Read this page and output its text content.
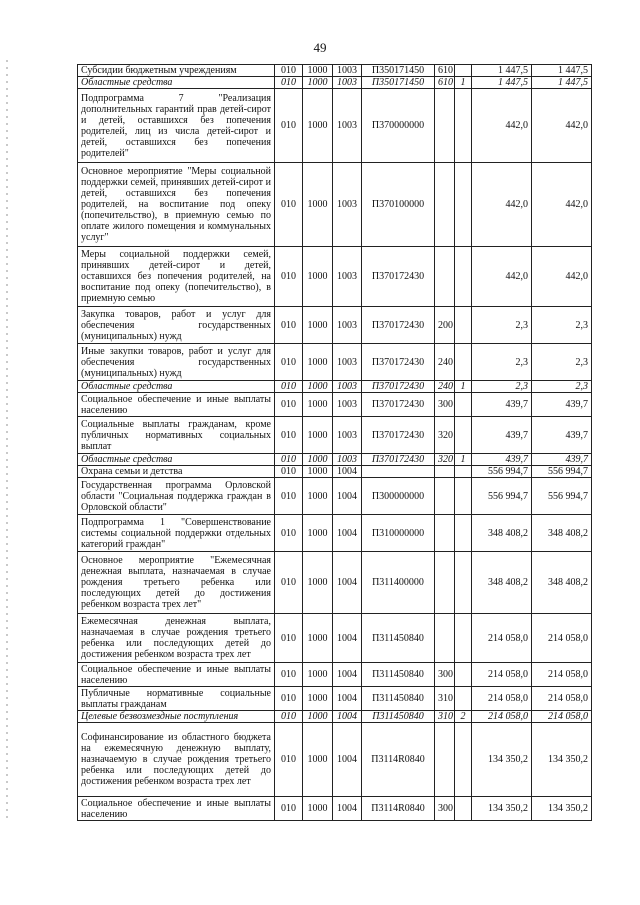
49
Субсидии бюджетным учреждениям	010	1000	1003	П350171450	610		1 447,5	1 447,5
Областные средства	010	1000	1003	П350171450	610	1	1 447,5	1 447,5
Подпрограмма 7 "Реализация дополнительных гарантий прав детей-сирот и детей, оставшихся без попечения родителей, лиц из числа детей-сирот и детей, оставшихся без попечения родителей"	010	1000	1003	П370000000			442,0	442,0
Основное мероприятие "Меры социальной поддержки семей, принявших детей-сирот и детей, оставшихся без попечения родителей, на воспитание под опеку (попечительство), в приемную семью по оплате жилого помещения и коммунальных услуг"	010	1000	1003	П370100000			442,0	442,0
Меры социальной поддержки семей, принявших детей-сирот и детей, оставшихся без попечения родителей, на воспитание под опеку (попечительство), в приемную семью	010	1000	1003	П370172430			442,0	442,0
Закупка товаров, работ и услуг для обеспечения государственных (муниципальных) нужд	010	1000	1003	П370172430	200		2,3	2,3
Иные закупки товаров, работ и услуг для обеспечения государственных (муниципальных) нужд	010	1000	1003	П370172430	240		2,3	2,3
Областные средства	010	1000	1003	П370172430	240	1	2,3	2,3
Социальное обеспечение и иные выплаты населению	010	1000	1003	П370172430	300		439,7	439,7
Социальные выплаты гражданам, кроме публичных нормативных социальных выплат	010	1000	1003	П370172430	320		439,7	439,7
Областные средства	010	1000	1003	П370172430	320	1	439,7	439,7
Охрана семьи и детства	010	1000	1004				556 994,7	556 994,7
Государственная программа Орловской области "Социальная поддержка граждан в Орловской области"	010	1000	1004	П300000000			556 994,7	556 994,7
Подпрограмма 1 "Совершенствование системы социальной поддержки отдельных категорий граждан"	010	1000	1004	П310000000			348 408,2	348 408,2
Основное мероприятие "Ежемесячная денежная выплата, назначаемая в случае рождения третьего ребенка или последующих детей до достижения ребенком возраста трех лет"	010	1000	1004	П311400000			348 408,2	348 408,2
Ежемесячная денежная выплата, назначаемая в случае рождения третьего ребенка или последующих детей до достижения ребенком возраста трех лет	010	1000	1004	П311450840			214 058,0	214 058,0
Социальное обеспечение и иные выплаты населению	010	1000	1004	П311450840	300		214 058,0	214 058,0
Публичные нормативные социальные выплаты гражданам	010	1000	1004	П311450840	310		214 058,0	214 058,0
Целевые безвозмездные поступления	010	1000	1004	П311450840	310	2	214 058,0	214 058,0
Софинансирование из областного бюджета на ежемесячную денежную выплату, назначаемую в случае рождения третьего ребенка или последующих детей до достижения ребенком возраста трех лет	010	1000	1004	П3114R0840			134 350,2	134 350,2
Социальное обеспечение и иные выплаты населению	010	1000	1004	П3114R0840	300		134 350,2	134 350,2
